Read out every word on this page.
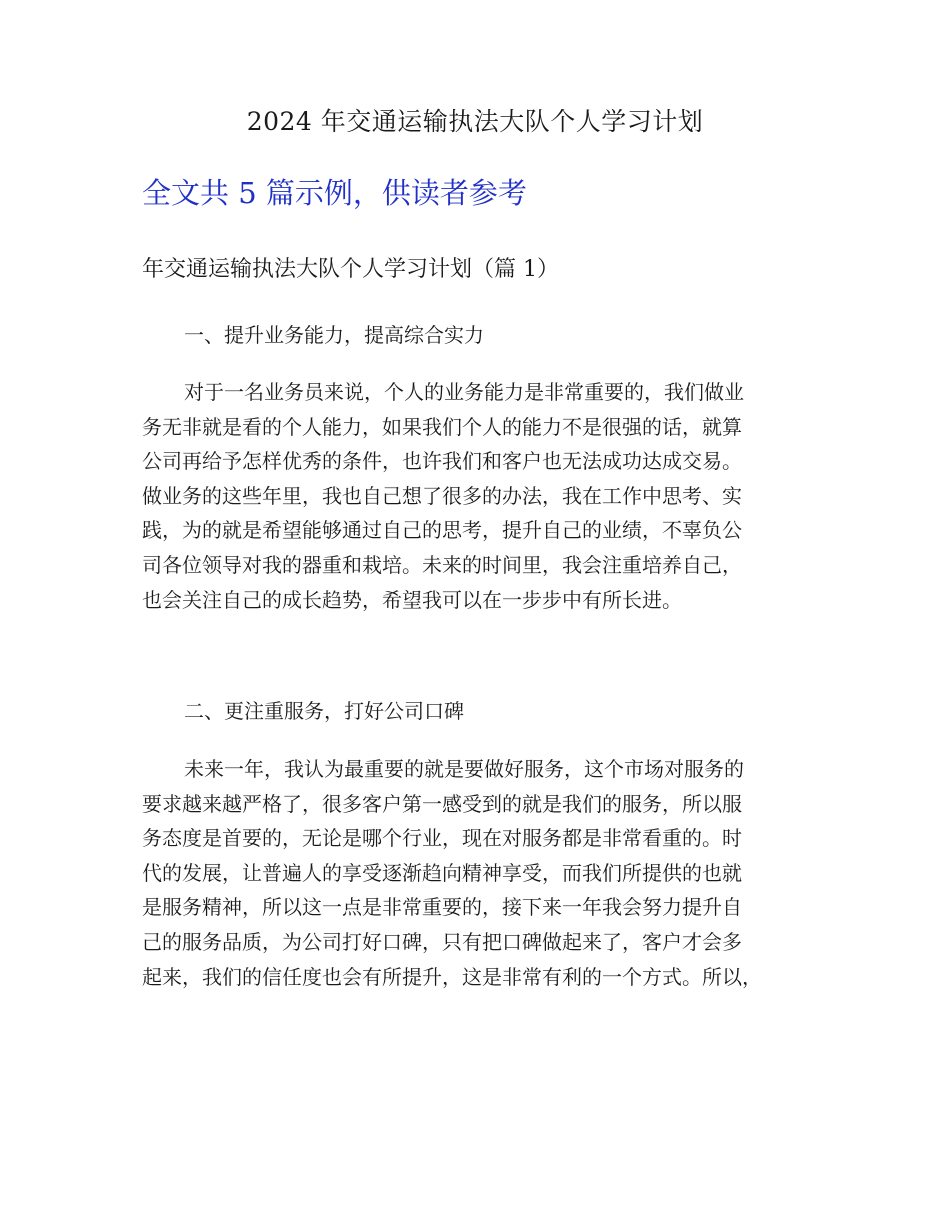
2024 年交通运输执法大队个人学习计划
全文共 5 篇示例，供读者参考
年交通运输执法大队个人学习计划（篇 1）
一、提升业务能力，提高综合实力
对于一名业务员来说，个人的业务能力是非常重要的，我们做业
务无非就是看的个人能力，如果我们个人的能力不是很强的话，就算
公司再给予怎样优秀的条件，也许我们和客户也无法成功达成交易。
做业务的这些年里，我也自己想了很多的办法，我在工作中思考、实
践，为的就是希望能够通过自己的思考，提升自己的业绩，不辜负公
司各位领导对我的器重和栽培。未来的时间里，我会注重培养自己，
也会关注自己的成长趋势，希望我可以在一步步中有所长进。
二、更注重服务，打好公司口碑
未来一年，我认为最重要的就是要做好服务，这个市场对服务的
要求越来越严格了，很多客户第一感受到的就是我们的服务，所以服
务态度是首要的，无论是哪个行业，现在对服务都是非常看重的。时
代的发展，让普遍人的享受逐渐趋向精神享受，而我们所提供的也就
是服务精神，所以这一点是非常重要的，接下来一年我会努力提升自
己的服务品质，为公司打好口碑，只有把口碑做起来了，客户才会多
起来，我们的信任度也会有所提升，这是非常有利的一个方式。所以，
